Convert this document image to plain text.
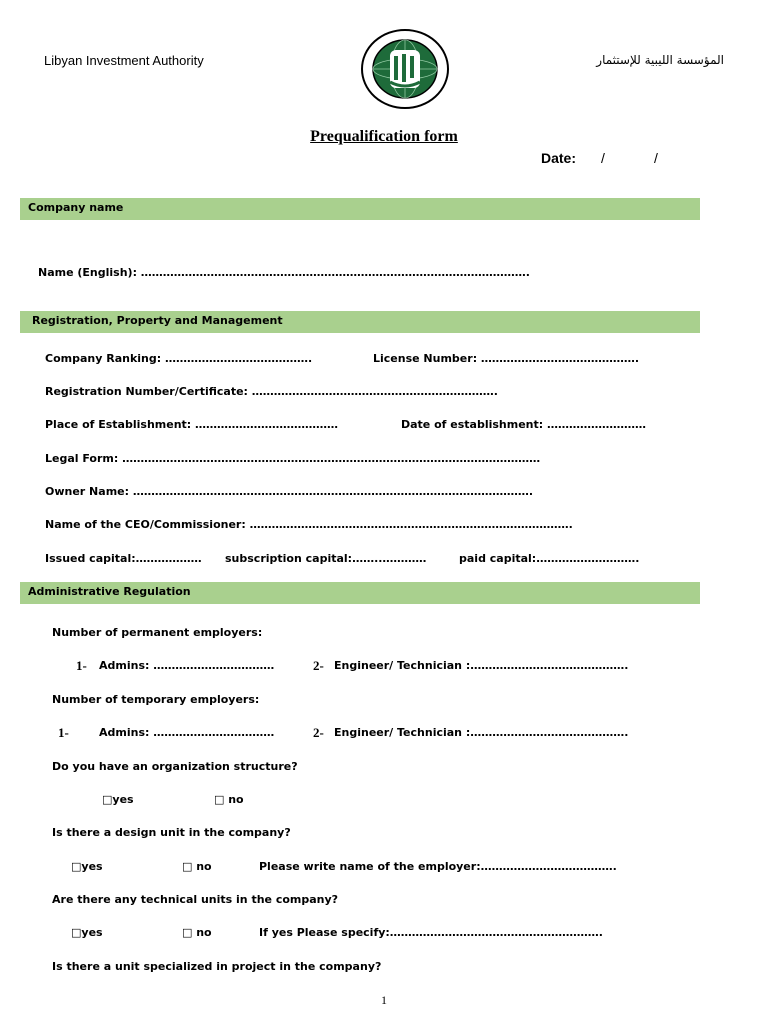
Libyan Investment Authority	المؤسسة الليبية للإستثمار
Prequalification form
Date: /	/
Company name
Name (English): …………………………………………………………………………………………….
Registration, Property and Management
Company Ranking: ………………………………….	License Number: …………………………………….
Registration Number/Certificate: ………………………………………………………….
Place of Establishment: …………………………………	Date of establishment: ………………………
Legal Form: ……………………………………………………………………………………………………
Owner Name: ……………………………………………………………………………………………….
Name of the CEO/Commissioner: …………………………………………………………………………….
Issued capital:……………… subscription capital:……..…………	paid capital:……………………….
Administrative Regulation
Number of permanent employers:
1- Admins: ……………………………	2- Engineer/ Technician :…………………………………….
Number of temporary employers:
1-	Admins: ……………………………	2- Engineer/ Technician :…………………………………….
Do you have an organization structure?
□yes	□ no
Is there a design unit in the company?
□yes	□ no	Please write name of the employer:……………………………….
Are there any technical units in the company?
□yes	□ no	If yes Please specify:………………………………………………….
Is there a unit specialized in project in the company?
1
